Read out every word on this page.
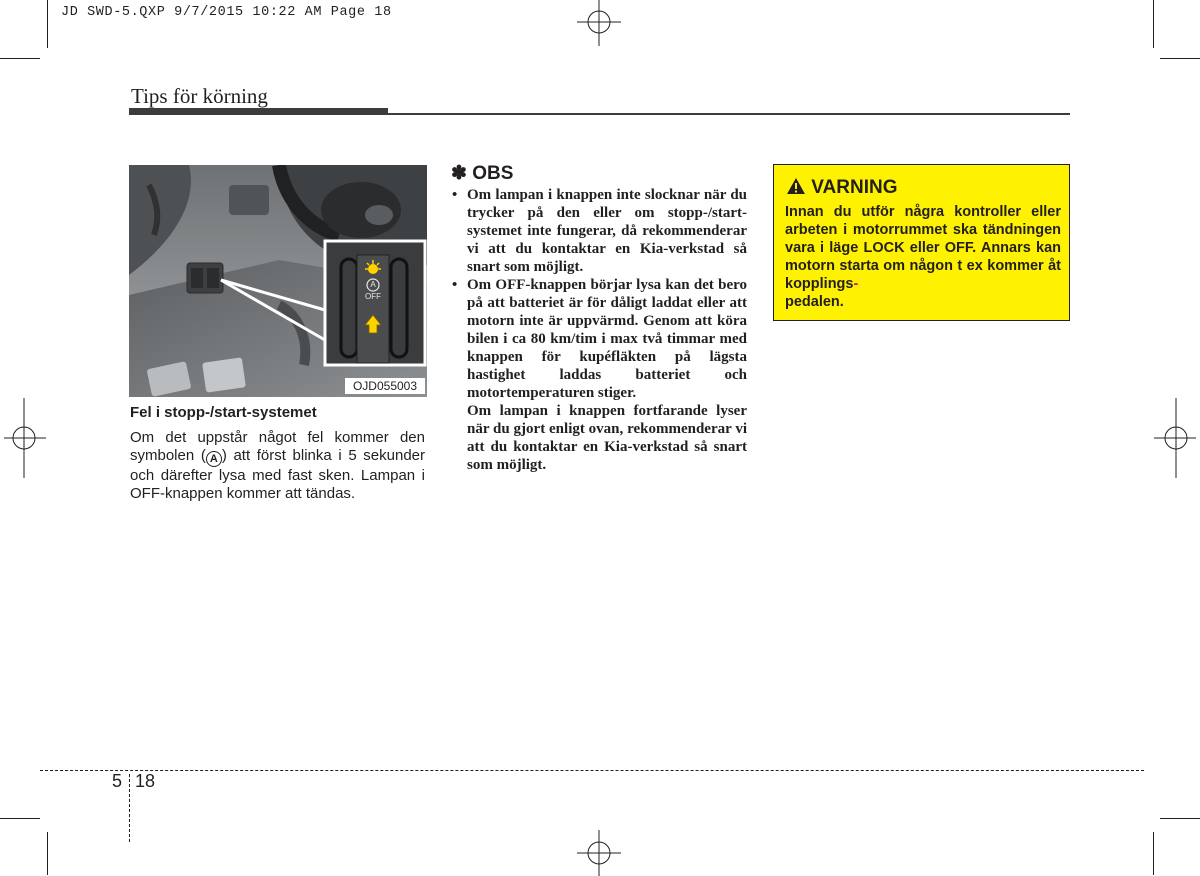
JD SWD-5.QXP 9/7/2015 10:22 AM Page 18
Tips för körning
A
OFF
OJD055003
Fel i stopp-/start-systemet

Om det uppstår något fel kommer den symbolen ( A ) att först blinka i 5 sekunder och därefter lysa med fast sken. Lampan i OFF-knappen kommer att tändas.

✽ OBS
• Om lampan i knappen inte slocknar när du trycker på den eller om stopp-/start-systemet inte fungerar, då rekommenderar vi att du kontaktar en Kia-verkstad så snart som möjligt.
• Om OFF-knappen börjar lysa kan det bero på att batteriet är för dåligt laddat eller att motorn inte är uppvärmd. Genom att köra bilen i ca 80 km/tim i max två timmar med knappen för kupéfläkten på lägsta hastighet laddas batteriet och motortemperaturen stiger.

Om lampan i knappen fortfarande lyser när du gjort enligt ovan, rekommenderar vi att du kontaktar en Kia-verkstad så snart som möjligt.

VARNING
Innan du utför några kontroller eller arbeten i motorrummet ska tändningen vara i läge LOCK eller OFF. Annars kan motorn starta om någon t ex kommer åt kopplings-
pedalen.
5 18
